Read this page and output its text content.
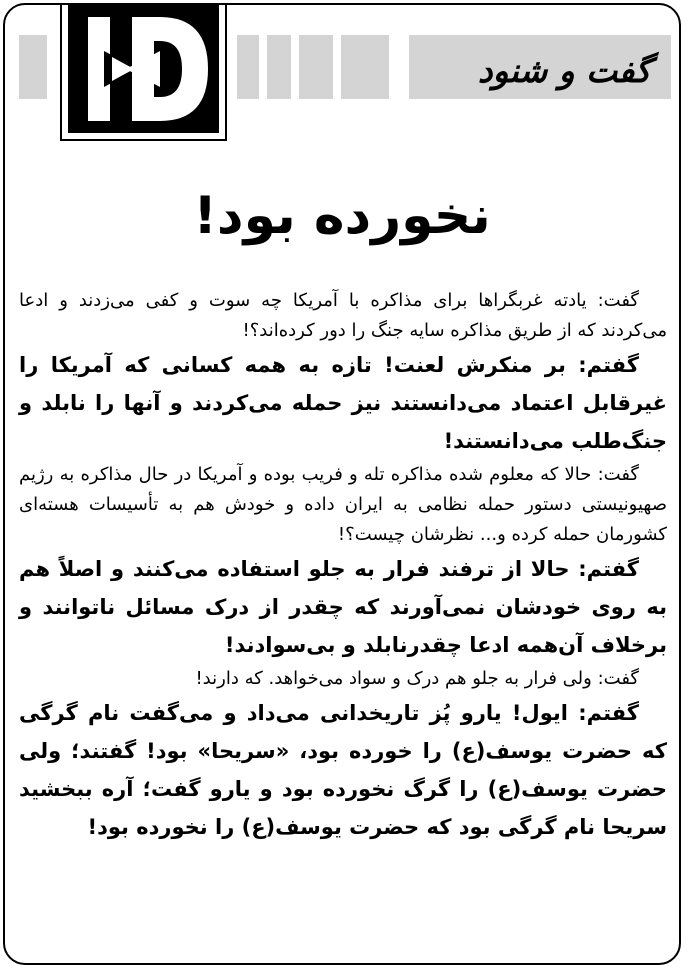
گفت و شنود
نخورده بود!

گفت: یادته غربگراها برای مذاکره با آمریکا چه سوت و کفی می‌زدند و ادعا می‌کردند که از طریق مذاکره سایه جنگ را دور کرده‌اند؟!

گفتم: بر منکرش لعنت! تازه به همه کسانی که آمریکا را غیرقابل اعتماد می‌دانستند نیز حمله می‌کردند و آنها را نابلد و جنگ‌طلب می‌دانستند!

گفت: حالا که معلوم شده مذاکره تله و فریب بوده و آمریکا در حال مذاکره به رژیم صهیونیستی دستور حمله نظامی به ایران داده و خودش هم به تأسیسات هسته‌ای کشورمان حمله کرده و... نظرشان چیست؟!

گفتم: حالا از ترفند فرار به جلو استفاده می‌کنند و اصلاً هم به روی خودشان نمی‌آورند که چقدر از درک مسائل ناتوانند و برخلاف آن‌همه ادعا چقدرنابلد و بی‌سوادند!

گفت: ولی فرار به جلو هم درک و سواد می‌خواهد. که دارند!

گفتم: ایول! یارو پُز تاریخدانی می‌داد و می‌گفت نام گرگی که حضرت یوسف(ع) را خورده بود، «سریحا» بود! گفتند؛ ولی حضرت یوسف(ع) را گرگ نخورده بود و یارو گفت؛ آره ببخشید سریحا نام گرگی بود که حضرت یوسف(ع) را نخورده بود!
